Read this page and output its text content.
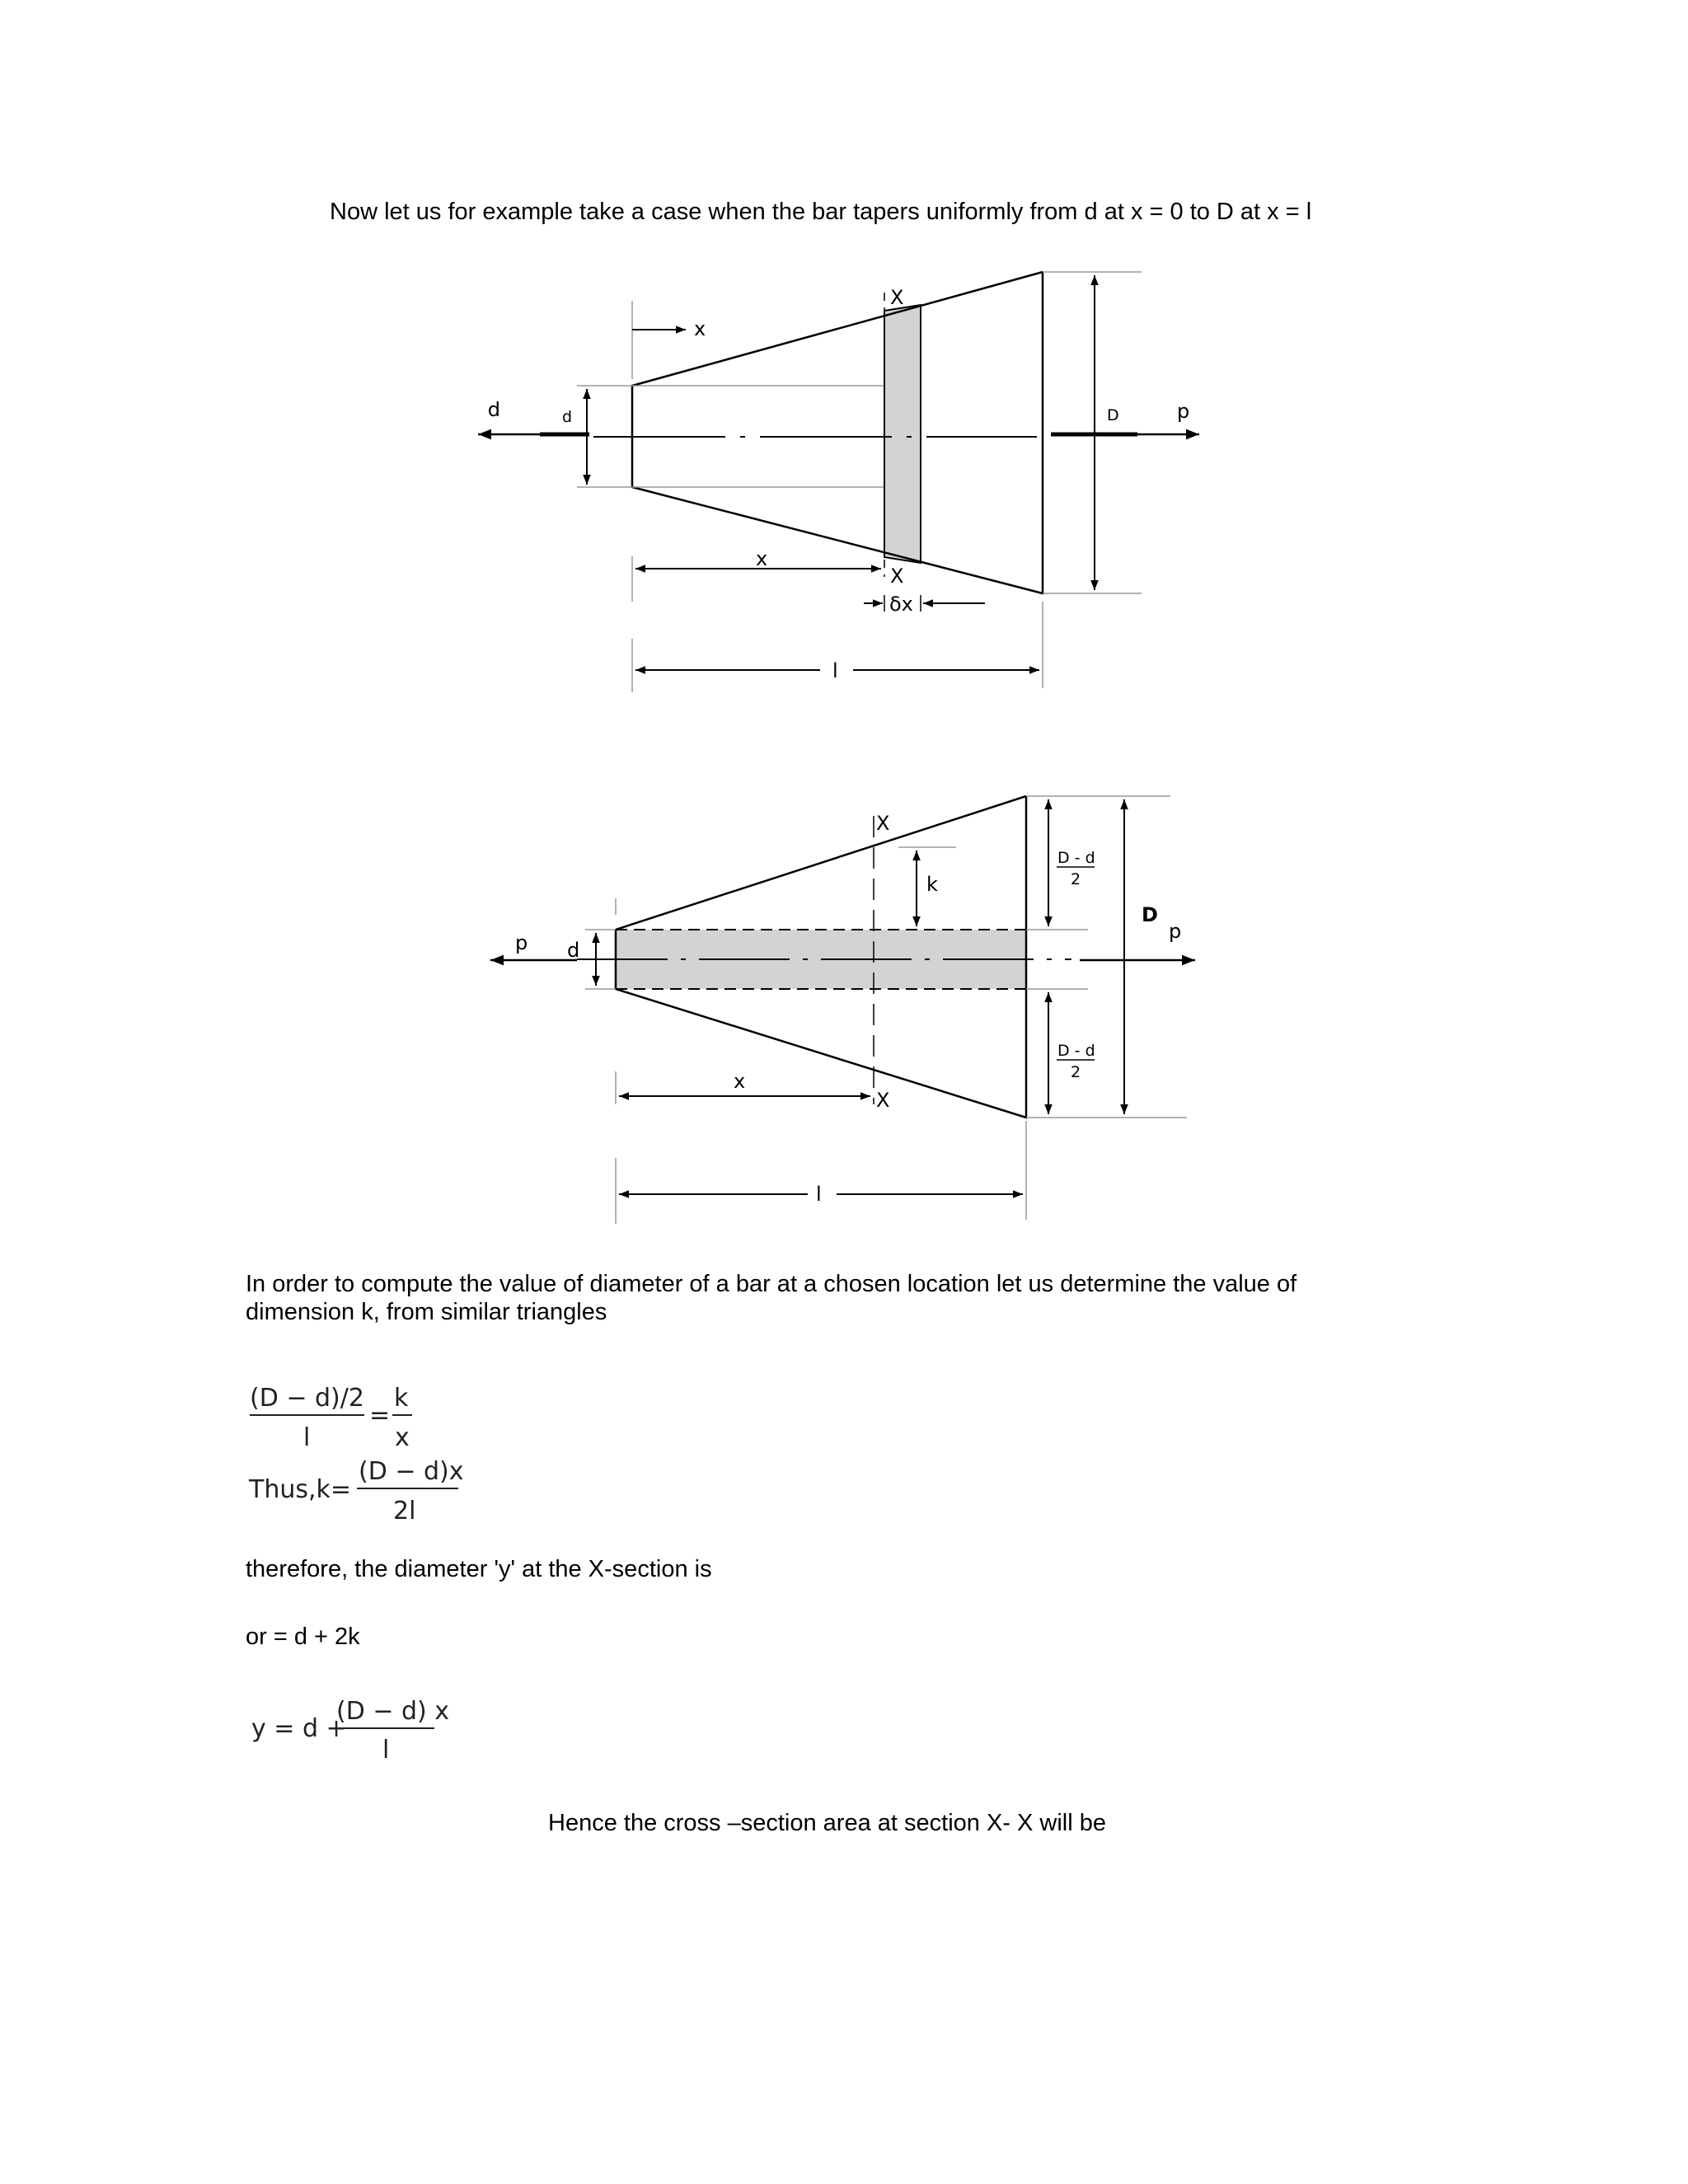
Now let us for example take a case when the bar tapers uniformly from d at x = 0 to D at x = l
p	d	D	p
x
X
X
x
δx
l
p d
k
X
X
x
l
D - d
2
D - d
2
D
p
(D − d)/2
l
=
k
x
Thus,k=
(D − d)x
2l
y = d +
(D − d) x
l
In order to compute the value of diameter of a bar at a chosen location let us determine the value of
dimension k, from similar triangles
therefore, the diameter 'y' at the X-section is
or = d + 2k
Hence the cross –section area at section X- X will be
